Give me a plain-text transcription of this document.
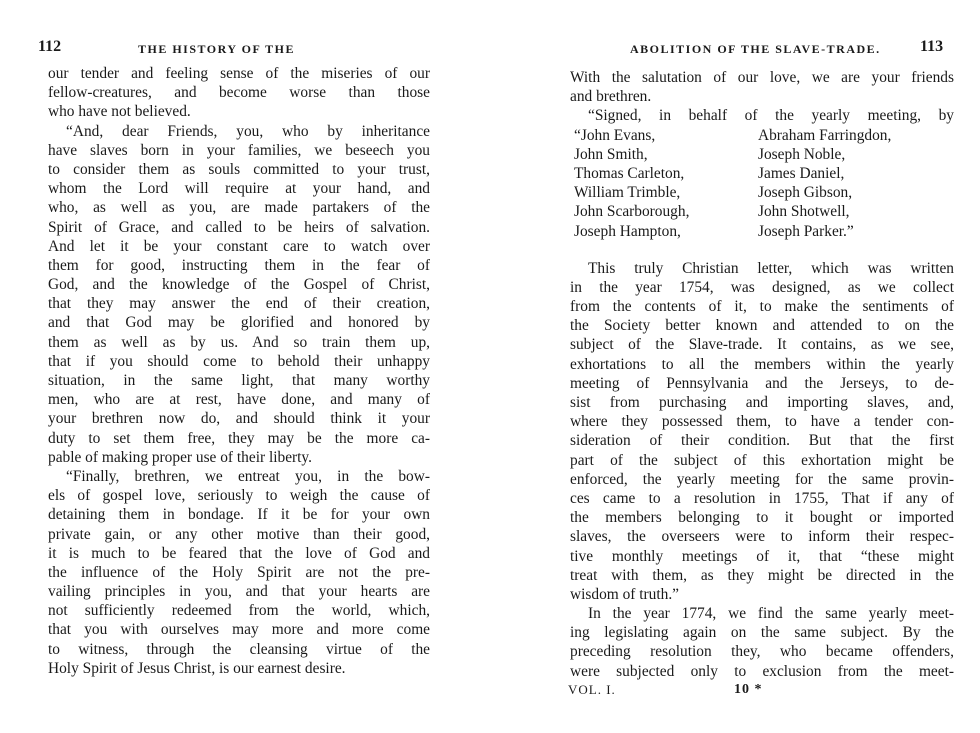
112	THE HISTORY OF THE
our tender and feeling sense of the miseries of our
fellow-creatures, and become worse than those
who have not believed.
“And, dear Friends, you, who by inheritance
have slaves born in your families, we beseech you
to consider them as souls committed to your trust,
whom the Lord will require at your hand, and
who, as well as you, are made partakers of the
Spirit of Grace, and called to be heirs of salvation.
And let it be your constant care to watch over
them for good, instructing them in the fear of
God, and the knowledge of the Gospel of Christ,
that they may answer the end of their creation,
and that God may be glorified and honored by
them as well as by us. And so train them up,
that if you should come to behold their unhappy
situation, in the same light, that many worthy
men, who are at rest, have done, and many of
your brethren now do, and should think it your
duty to set them free, they may be the more ca-
pable of making proper use of their liberty.
“Finally, brethren, we entreat you, in the bow-
els of gospel love, seriously to weigh the cause of
detaining them in bondage. If it be for your own
private gain, or any other motive than their good,
it is much to be feared that the love of God and
the influence of the Holy Spirit are not the pre-
vailing principles in you, and that your hearts are
not sufficiently redeemed from the world, which,
that you with ourselves may more and more come
to witness, through the cleansing virtue of the
Holy Spirit of Jesus Christ, is our earnest desire.
ABOLITION OF THE SLAVE-TRADE. 113
With the salutation of our love, we are your friends
and brethren.
“Signed, in behalf of the yearly meeting, by
“John Evans,	Abraham Farringdon,
John Smith,	Joseph Noble,
Thomas Carleton,	James Daniel,
William Trimble,	Joseph Gibson,
John Scarborough,	John Shotwell,
Joseph Hampton,	Joseph Parker.”
This truly Christian letter, which was written
in the year 1754, was designed, as we collect
from the contents of it, to make the sentiments of
the Society better known and attended to on the
subject of the Slave-trade. It contains, as we see,
exhortations to all the members within the yearly
meeting of Pennsylvania and the Jerseys, to de-
sist from purchasing and importing slaves, and,
where they possessed them, to have a tender con-
sideration of their condition. But that the first
part of the subject of this exhortation might be
enforced, the yearly meeting for the same provin-
ces came to a resolution in 1755, That if any of
the members belonging to it bought or imported
slaves, the overseers were to inform their respec-
tive monthly meetings of it, that “these might
treat with them, as they might be directed in the
wisdom of truth.”
In the year 1774, we find the same yearly meet-
ing legislating again on the same subject. By the
preceding resolution they, who became offenders,
were subjected only to exclusion from the meet-
VOL. I.	10 *
